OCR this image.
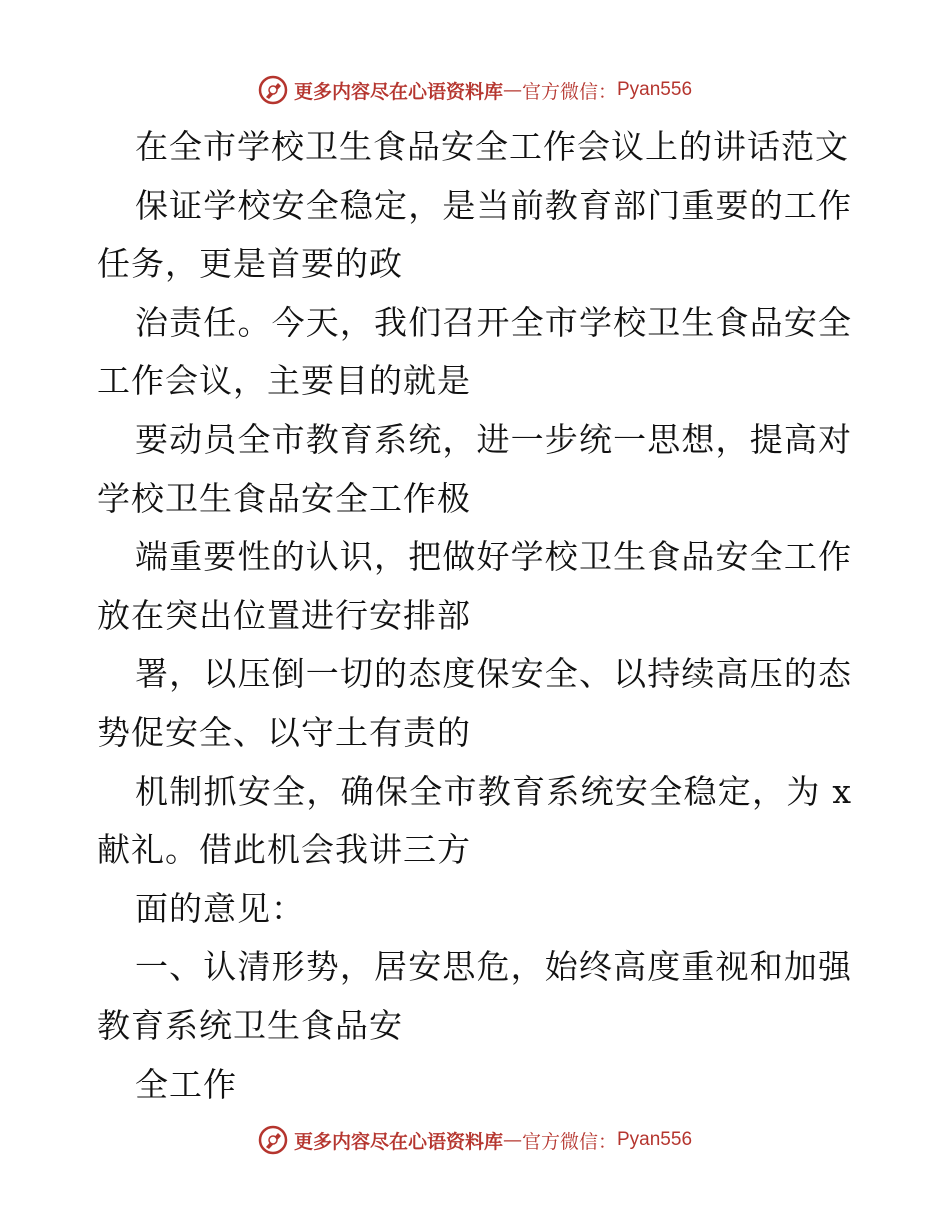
更多内容尽在心语资料库 — 官方微信： Pyan556
在全市学校卫生食品安全工作会议上的讲话范文
保证学校安全稳定，是当前教育部门重要的工作
任务，更是首要的政
治责任。今天，我们召开全市学校卫生食品安全
工作会议，主要目的就是
要动员全市教育系统，进一步统一思想，提高对
学校卫生食品安全工作极
端重要性的认识，把做好学校卫生食品安全工作
放在突出位置进行安排部
署，以压倒一切的态度保安全、以持续高压的态
势促安全、以守土有责的
机制抓安全，确保全市教育系统安全稳定，为 x
献礼。借此机会我讲三方
面的意见：
一、认清形势，居安思危，始终高度重视和加强
教育系统卫生食品安
全工作
更多内容尽在心语资料库 — 官方微信： Pyan556
